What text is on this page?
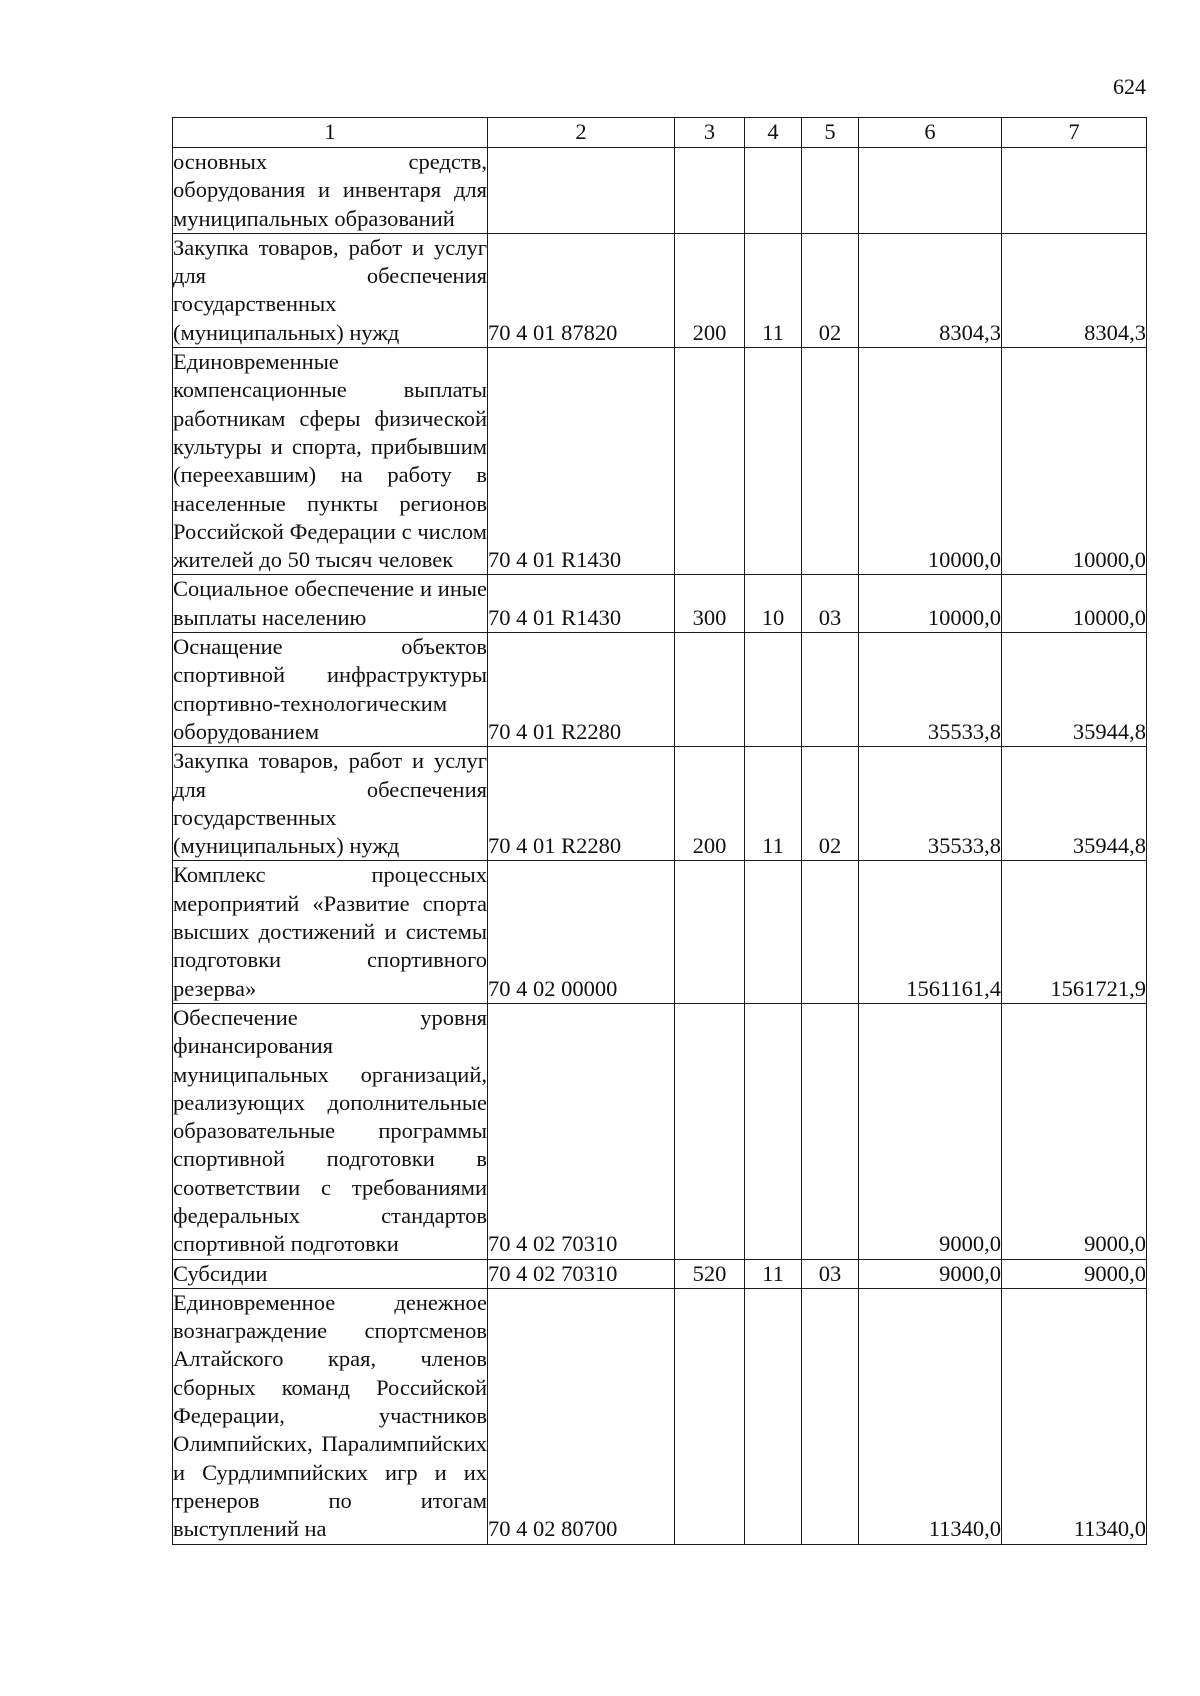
624
1	2	3	4	5	6	7
основных средств, оборудования и инвентаря для муниципальных образований						
Закупка товаров, работ и услуг для обеспечения государственных (муниципальных) нужд	70 4 01 87820	200	11	02	8304,3	8304,3
Единовременные компенсационные выплаты работникам сферы физической культуры и спорта, прибывшим (переехавшим) на работу в населенные пункты регионов Российской Федерации с числом жителей до 50 тысяч человек	70 4 01 R1430				10000,0	10000,0
Социальное обеспечение и иные выплаты населению	70 4 01 R1430	300	10	03	10000,0	10000,0
Оснащение объектов спортивной инфраструктуры спортивно-технологическим оборудованием	70 4 01 R2280				35533,8	35944,8
Закупка товаров, работ и услуг для обеспечения государственных (муниципальных) нужд	70 4 01 R2280	200	11	02	35533,8	35944,8
Комплекс процессных мероприятий «Развитие спорта высших достижений и системы подготовки спортивного резерва»	70 4 02 00000				1561161,4	1561721,9
Обеспечение уровня финансирования муниципальных организаций, реализующих дополнительные образовательные программы спортивной подготовки в соответствии с требованиями федеральных стандартов спортивной подготовки	70 4 02 70310				9000,0	9000,0
Субсидии	70 4 02 70310	520	11	03	9000,0	9000,0
Единовременное денежное вознаграждение спортсменов Алтайского края, членов сборных команд Российской Федерации, участников Олимпийских, Паралимпийских и Сурдлимпийских игр и их тренеров по итогам выступлений на	70 4 02 80700				11340,0	11340,0
